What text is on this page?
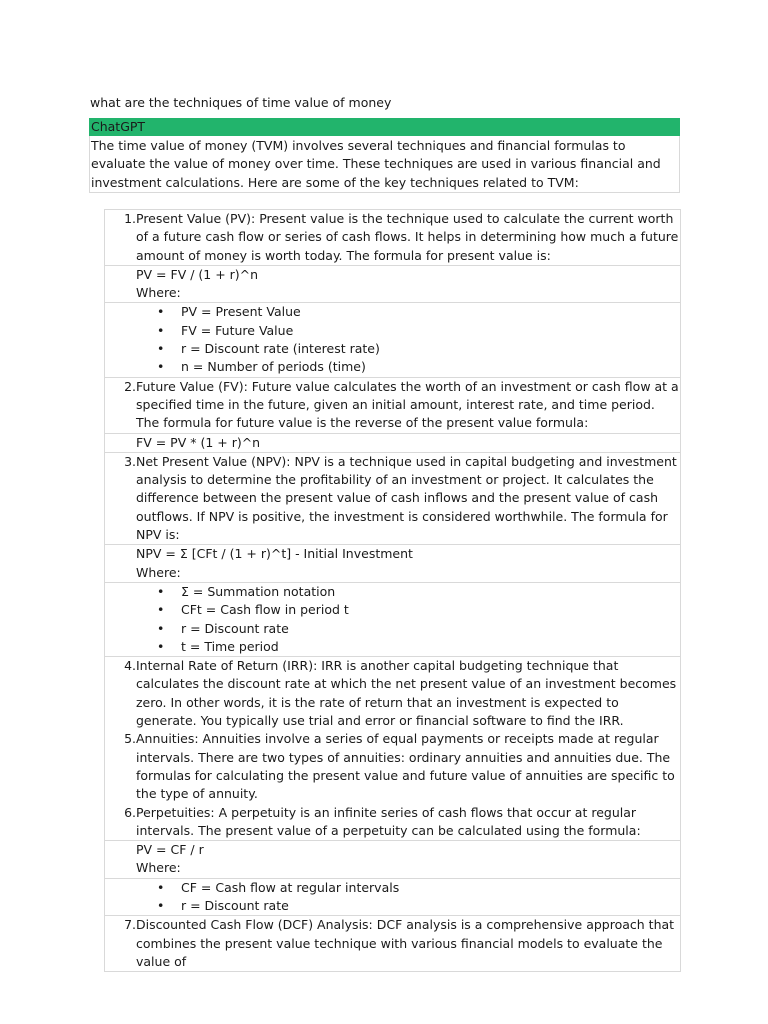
what are the techniques of time value of money
ChatGPT
The time value of money (TVM) involves several techniques and financial formulas to evaluate the value of money over time. These techniques are used in various financial and investment calculations. Here are some of the key techniques related to TVM:
1. Present Value (PV): Present value is the technique used to calculate the current worth of a future cash flow or series of cash flows. It helps in determining how much a future amount of money is worth today. The formula for present value is:
PV = FV / (1 + r)^n
Where:
• PV = Present Value
• FV = Future Value
• r = Discount rate (interest rate)
• n = Number of periods (time)
2. Future Value (FV): Future value calculates the worth of an investment or cash flow at a specified time in the future, given an initial amount, interest rate, and time period. The formula for future value is the reverse of the present value formula:
FV = PV * (1 + r)^n
3. Net Present Value (NPV): NPV is a technique used in capital budgeting and investment analysis to determine the profitability of an investment or project. It calculates the difference between the present value of cash inflows and the present value of cash outflows. If NPV is positive, the investment is considered worthwhile. The formula for NPV is:
NPV = Σ [CFt / (1 + r)^t] - Initial Investment
Where:
• Σ = Summation notation
• CFt = Cash flow in period t
• r = Discount rate
• t = Time period
4. Internal Rate of Return (IRR): IRR is another capital budgeting technique that calculates the discount rate at which the net present value of an investment becomes zero. In other words, it is the rate of return that an investment is expected to generate. You typically use trial and error or financial software to find the IRR.
5. Annuities: Annuities involve a series of equal payments or receipts made at regular intervals. There are two types of annuities: ordinary annuities and annuities due. The formulas for calculating the present value and future value of annuities are specific to the type of annuity.
6. Perpetuities: A perpetuity is an infinite series of cash flows that occur at regular intervals. The present value of a perpetuity can be calculated using the formula:
PV = CF / r
Where:
• CF = Cash flow at regular intervals
• r = Discount rate
7. Discounted Cash Flow (DCF) Analysis: DCF analysis is a comprehensive approach that combines the present value technique with various financial models to evaluate the value of
